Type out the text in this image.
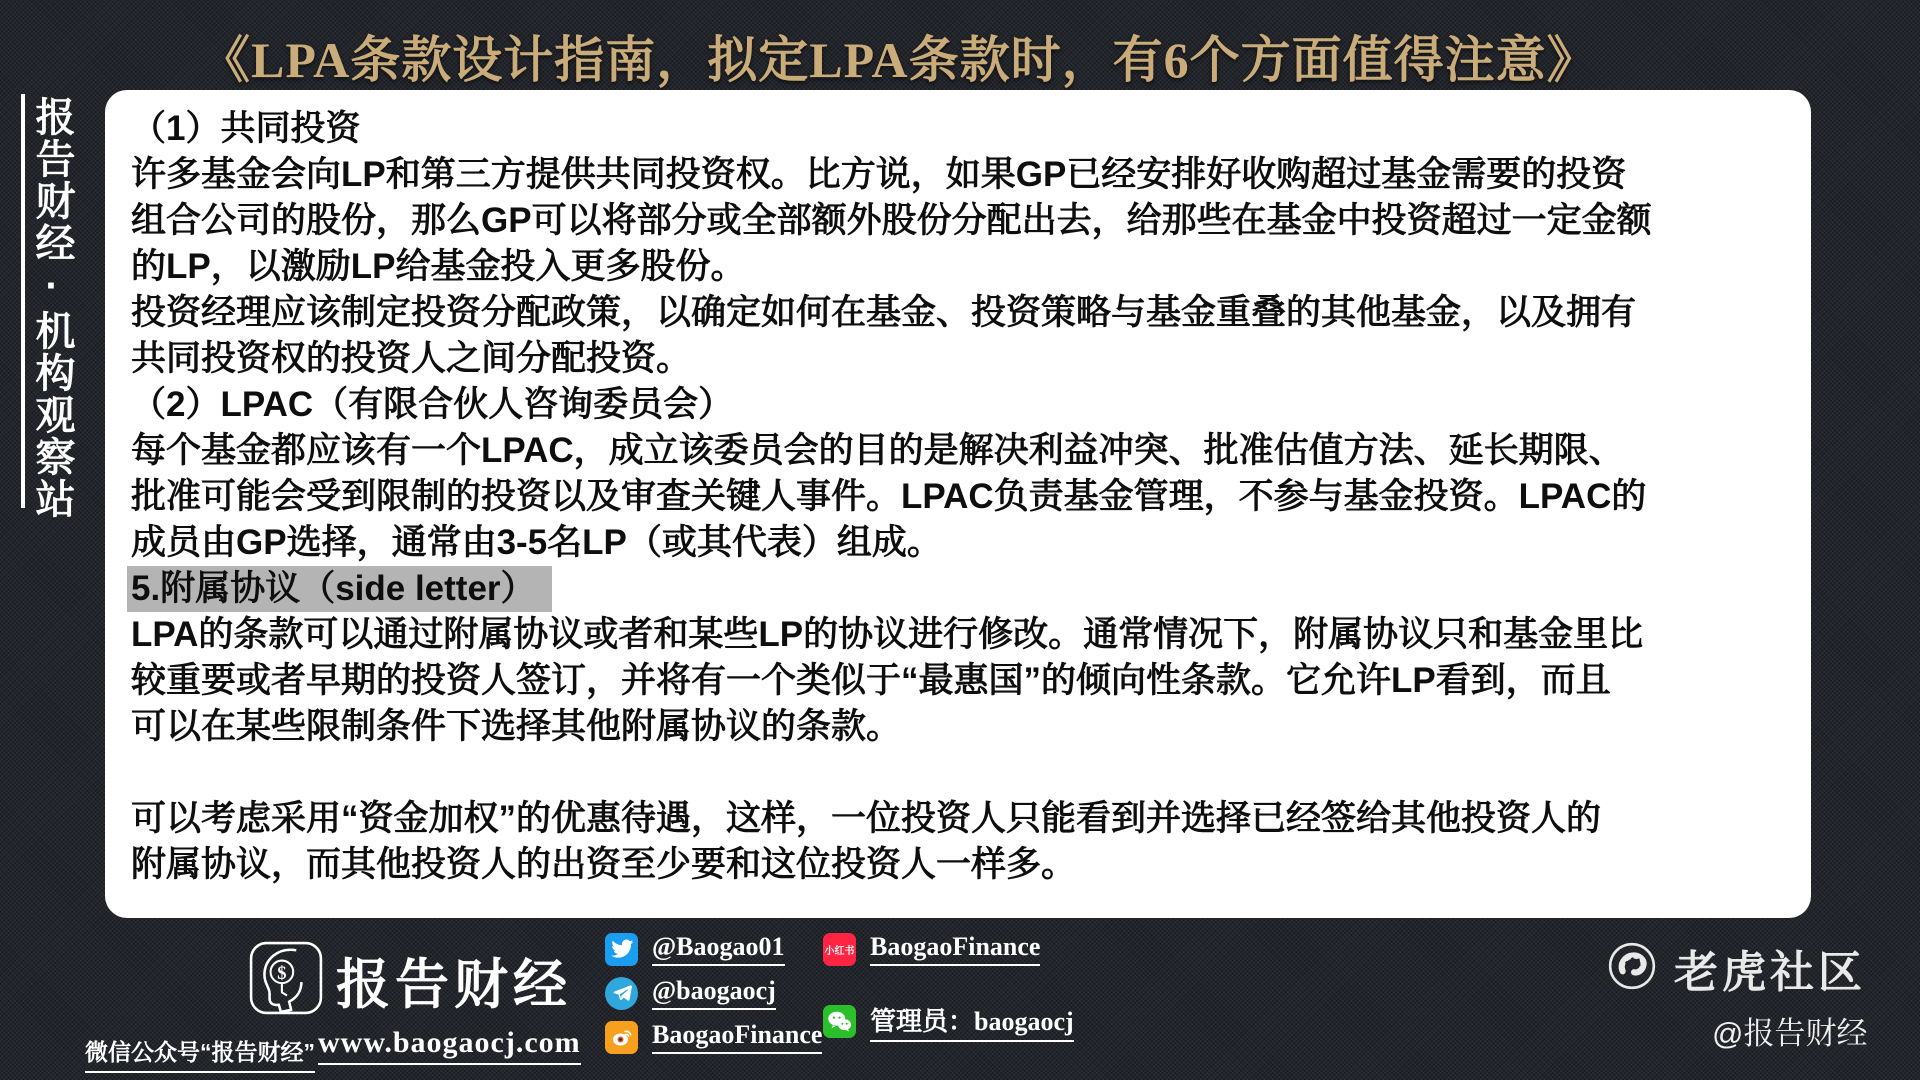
《LPA条款设计指南，拟定LPA条款时，有6个方面值得注意》
报告财经·机构观察站 （1）共同投资
许多基金会向LP和第三方提供共同投资权。比方说，如果GP已经安排好收购超过基金需要的投资
组合公司的股份，那么GP可以将部分或全部额外股份分配出去，给那些在基金中投资超过一定金额
的LP，以激励LP给基金投入更多股份。
投资经理应该制定投资分配政策，以确定如何在基金、投资策略与基金重叠的其他基金，以及拥有
共同投资权的投资人之间分配投资。
（2）LPAC（有限合伙人咨询委员会）
每个基金都应该有一个LPAC，成立该委员会的目的是解决利益冲突、批准估值方法、延长期限、
批准可能会受到限制的投资以及审查关键人事件。LPAC负责基金管理，不参与基金投资。LPAC的
成员由GP选择，通常由3-5名LP（或其代表）组成。
5.附属协议（side letter）
LPA的条款可以通过附属协议或者和某些LP的协议进行修改。通常情况下，附属协议只和基金里比
较重要或者早期的投资人签订，并将有一个类似于“最惠国”的倾向性条款。它允许LP看到，而且
可以在某些限制条件下选择其他附属协议的条款。
可以考虑采用“资金加权”的优惠待遇，这样，一位投资人只能看到并选择已经签给其他投资人的
附属协议，而其他投资人的出资至少要和这位投资人一样多。
$ 报告财经
微信公众号“报告财经” www.baogaocj.com
@Baogao01
@baogaocj
BaogaoFinance
小红书 BaogaoFinance
管理员：baogaocj
老虎社区
@报告财经
